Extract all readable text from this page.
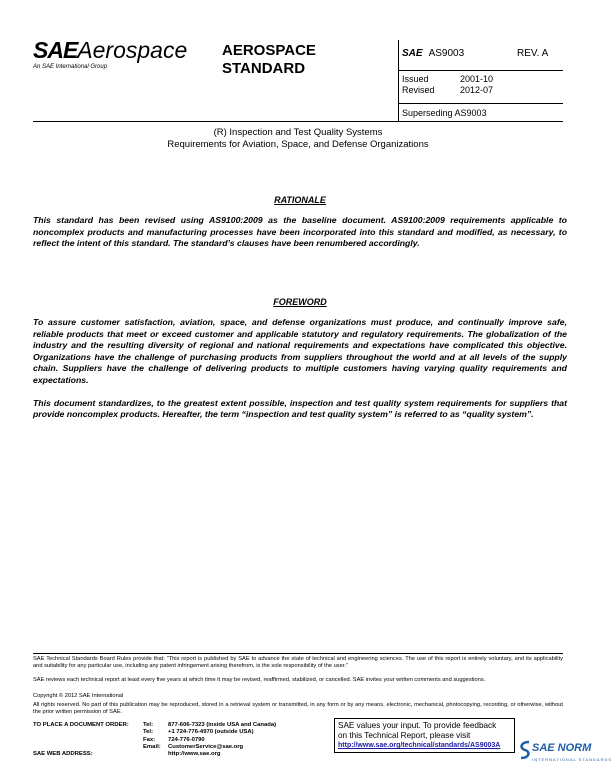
SAEAerospace
An SAE International Group
AEROSPACE
STANDARD
SAE AS9003	REV. A
Issued	2001-10
Revised	2012-07
Superseding AS9003
(R) Inspection and Test Quality Systems
Requirements for Aviation, Space, and Defense Organizations
RATIONALE
This standard has been revised using AS9100:2009 as the baseline document. AS9100:2009 requirements applicable to noncomplex products and manufacturing processes have been incorporated into this standard and modified, as necessary, to reflect the intent of this standard. The standard’s clauses have been renumbered accordingly.
FOREWORD
To assure customer satisfaction, aviation, space, and defense organizations must produce, and continually improve safe, reliable products that meet or exceed customer and applicable statutory and regulatory requirements. The globalization of the industry and the resulting diversity of regional and national requirements and expectations have complicated this objective. Organizations have the challenge of purchasing products from suppliers throughout the world and at all levels of the supply chain. Suppliers have the challenge of delivering products to multiple customers having varying quality requirements and expectations.
This document standardizes, to the greatest extent possible, inspection and test quality system requirements for suppliers that provide noncomplex products. Hereafter, the term “inspection and test quality system” is referred to as “quality system”.
SAE Technical Standards Board Rules provide that: “This report is published by SAE to advance the state of technical and engineering sciences. The use of this report is entirely voluntary, and its applicability and suitability for any particular use, including any patent infringement arising therefrom, is the sole responsibility of the user.”
SAE reviews each technical report at least every five years at which time it may be revised, reaffirmed, stabilized, or cancelled. SAE invites your written comments and suggestions.
Copyright © 2012 SAE International
All rights reserved. No part of this publication may be reproduced, stored in a retrieval system or transmitted, in any form or by any means, electronic, mechanical, photocopying, recording, or otherwise, without the prior written permission of SAE.
TO PLACE A DOCUMENT ORDER:	Tel:	877-606-7323 (inside USA and Canada)
Tel:	+1 724-776-4970 (outside USA)
Fax:	724-776-0790
Email:	CustomerService@sae.org
SAE WEB ADDRESS:	http://www.sae.org
SAE values your input. To provide feedback
on this Technical Report, please visit
http://www.sae.org/technical/standards/AS9003A	SAE NORM
INTERNATIONAL STANDARDS
